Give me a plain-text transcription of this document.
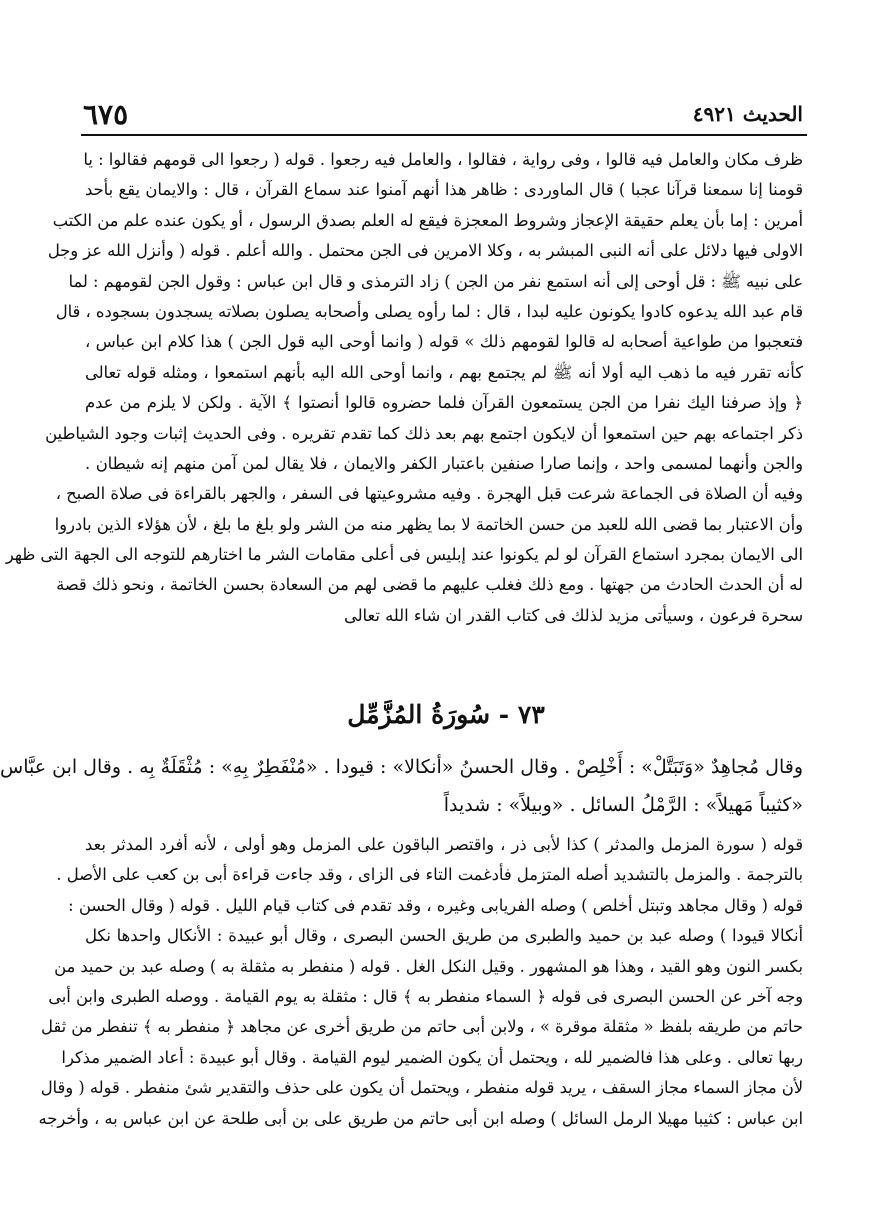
الحديث ٤٩٢١
٦٧٥
ظرف مكان والعامل فيه قالوا ، وفى رواية ، فقالوا ، والعامل فيه رجعوا . قوله ( رجعوا الى قومهم فقالوا : يا
قومنا إنا سمعنا قرآنا عجبا ) قال الماوردى : ظاهر هذا أنهم آمنوا عند سماع القرآن ، قال : والايمان يقع بأحد
أمرين : إما بأن يعلم حقيقة الإعجاز وشروط المعجزة فيقع له العلم بصدق الرسول ، أو يكون عنده علم من الكتب
الاولى فيها دلائل على أنه النبى المبشر به ، وكلا الامرين فى الجن محتمل . والله أعلم . قوله ( وأنزل الله عز وجل
على نبيه ﷺ : قل أوحى إلى أنه استمع نفر من الجن ) زاد الترمذى و قال ابن عباس : وقول الجن لقومهم : لما
قام عبد الله يدعوه كادوا يكونون عليه لبدا ، قال : لما رأوه يصلى وأصحابه يصلون بصلاته يسجدون بسجوده ، قال
فتعجبوا من طواعية أصحابه له قالوا لقومهم ذلك » قوله ( وانما أوحى اليه قول الجن ) هذا كلام ابن عباس ،
كأنه تقرر فيه ما ذهب اليه أولا أنه ﷺ لم يجتمع بهم ، وانما أوحى الله اليه بأنهم استمعوا ، ومثله قوله تعالى
﴿ وإذ صرفنا اليك نفرا من الجن يستمعون القرآن فلما حضروه قالوا أنصتوا ﴾ الآية . ولكن لا يلزم من عدم
ذكر اجتماعه بهم حين استمعوا أن لايكون اجتمع بهم بعد ذلك كما تقدم تقريره . وفى الحديث إثبات وجود الشياطين
والجن وأنهما لمسمى واحد ، وإنما صارا صنفين باعتبار الكفر والايمان ، فلا يقال لمن آمن منهم إنه شيطان .
وفيه أن الصلاة فى الجماعة شرعت قبل الهجرة . وفيه مشروعيتها فى السفر ، والجهر بالقراءة فى صلاة الصبح ،
وأن الاعتبار بما قضى الله للعبد من حسن الخاتمة لا بما يظهر منه من الشر ولو بلغ ما بلغ ، لأن هؤلاء الذين بادروا
الى الايمان بمجرد استماع القرآن لو لم يكونوا عند إبليس فى أعلى مقامات الشر ما اختارهم للتوجه الى الجهة التى ظهر
له أن الحدث الحادث من جهتها . ومع ذلك فغلب عليهم ما قضى لهم من السعادة بحسن الخاتمة ، ونحو ذلك قصة
سحرة فرعون ، وسيأتى مزيد لذلك فى كتاب القدر ان شاء الله تعالى
٧٣ - سُورَةُ المُزَّمِّل
وقال مُجاهِدٌ «وَتَبَتَّلْ» : أَخْلِصْ . وقال الحسنُ «أنكالا» : قيودا . «مُنْفَطِرٌ بِهِ» : مُثْقَلَةٌ بِه . وقال ابن عبَّاس
«كثيباً مَهيلاً» : الرَّمْلُ السائل . «وبيلاً» : شديداً
قوله ( سورة المزمل والمدثر ) كذا لأبى ذر ، واقتصر الباقون على المزمل وهو أولى ، لأنه أفرد المدثر بعد
بالترجمة . والمزمل بالتشديد أصله المتزمل فأدغمت التاء فى الزاى ، وقد جاءت قراءة أبى بن كعب على الأصل .
قوله ( وقال مجاهد وتبتل أخلص ) وصله الفريابى وغيره ، وقد تقدم فى كتاب قيام الليل . قوله ( وقال الحسن :
أنكالا قيودا ) وصله عبد بن حميد والطبرى من طريق الحسن البصرى ، وقال أبو عبيدة : الأنكال واحدها نكل
بكسر النون وهو القيد ، وهذا هو المشهور . وقيل النكل الغل . قوله ( منفطر به مثقلة به ) وصله عبد بن حميد من
وجه آخر عن الحسن البصرى فى قوله ﴿ السماء منفطر به ﴾ قال : مثقلة به يوم القيامة . ووصله الطبرى وابن أبى
حاتم من طريقه بلفظ « مثقلة موقرة » ، ولابن أبى حاتم من طريق أخرى عن مجاهد ﴿ منفطر به ﴾ تنفطر من ثقل
ربها تعالى . وعلى هذا فالضمير لله ، ويحتمل أن يكون الضمير ليوم القيامة . وقال أبو عبيدة : أعاد الضمير مذكرا
لأن مجاز السماء مجاز السقف ، يريد قوله منفطر ، ويحتمل أن يكون على حذف والتقدير شئ منفطر . قوله ( وقال
ابن عباس : كثيبا مهيلا الرمل السائل ) وصله ابن أبى حاتم من طريق على بن أبى طلحة عن ابن عباس به ، وأخرجه
